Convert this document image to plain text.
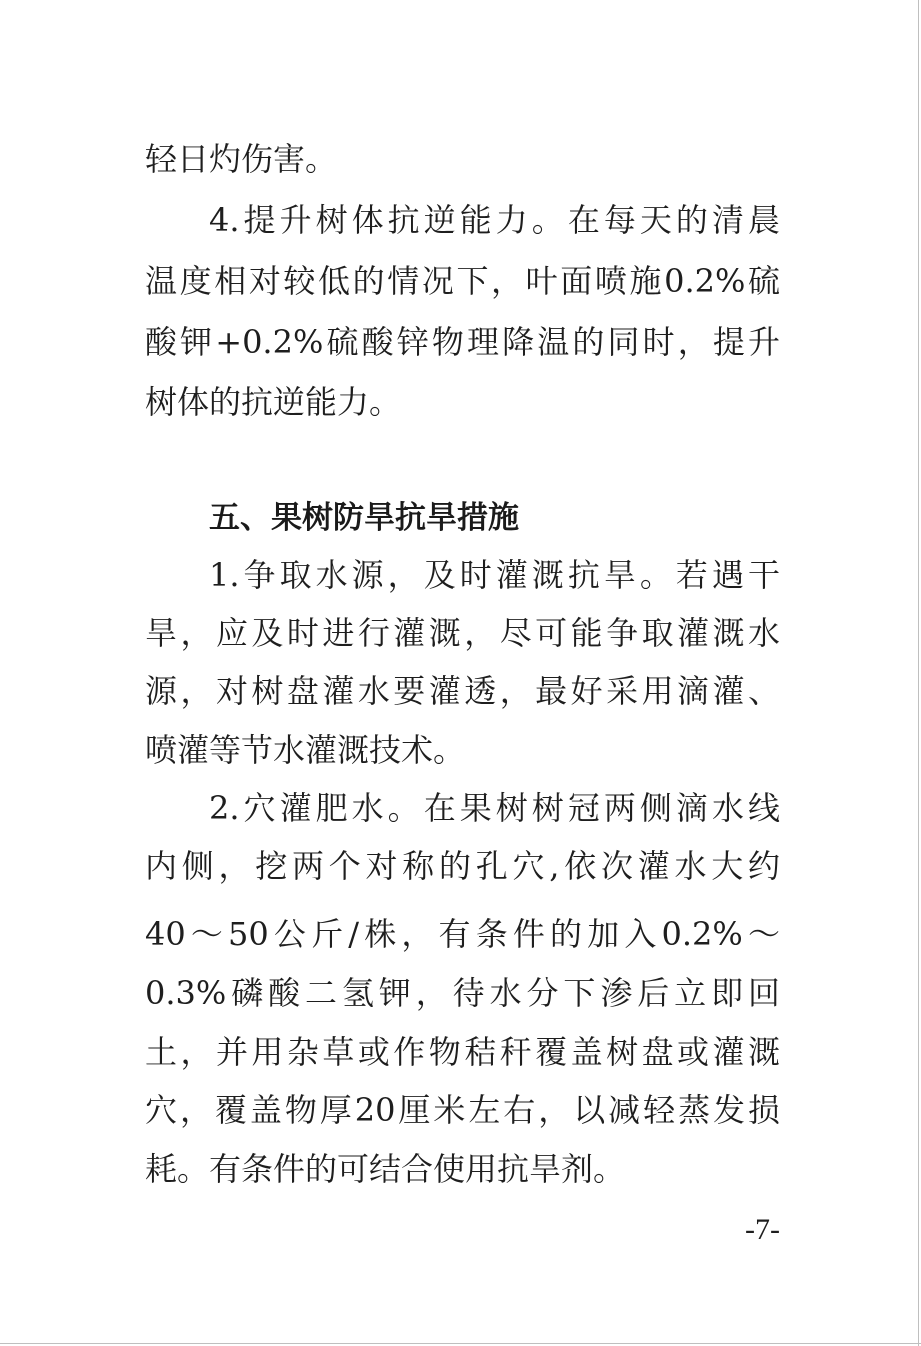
轻日灼伤害。
4.提升树体抗逆能力。在每天的清晨
温度相对较低的情况下，叶面喷施0.2%硫
酸钾+0.2%硫酸锌物理降温的同时，提升
树体的抗逆能力。
五、果树防旱抗旱措施
1.争取水源，及时灌溉抗旱。若遇干
旱，应及时进行灌溉，尽可能争取灌溉水
源，对树盘灌水要灌透，最好采用滴灌、
喷灌等节水灌溉技术。
2.穴灌肥水。在果树树冠两侧滴水线
内侧，挖两个对称的孔穴,依次灌水大约
40～50公斤/株，有条件的加入0.2%～
0.3%磷酸二氢钾，待水分下渗后立即回
土，并用杂草或作物秸秆覆盖树盘或灌溉
穴，覆盖物厚20厘米左右，以减轻蒸发损
耗。有条件的可结合使用抗旱剂。
-7-
